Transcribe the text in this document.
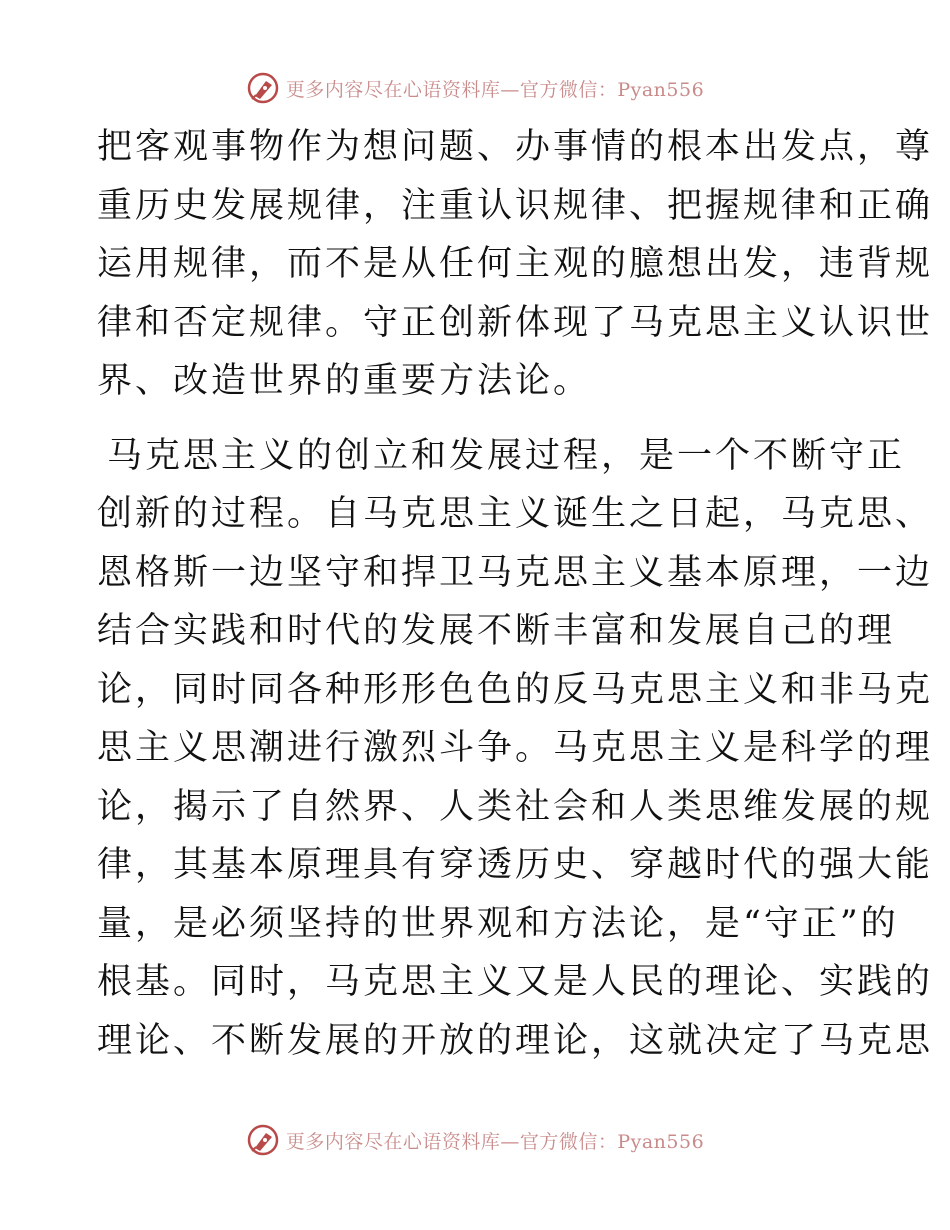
更多内容尽在心语资料库—官方微信：Pyan556

把客观事物作为想问题、办事情的根本出发点，尊
重历史发展规律，注重认识规律、把握规律和正确
运用规律，而不是从任何主观的臆想出发，违背规
律和否定规律。守正创新体现了马克思主义认识世
界、改造世界的重要方法论。

马克思主义的创立和发展过程，是一个不断守正
创新的过程。自马克思主义诞生之日起，马克思、
恩格斯一边坚守和捍卫马克思主义基本原理，一边
结合实践和时代的发展不断丰富和发展自己的理
论，同时同各种形形色色的反马克思主义和非马克
思主义思潮进行激烈斗争。马克思主义是科学的理
论，揭示了自然界、人类社会和人类思维发展的规
律，其基本原理具有穿透历史、穿越时代的强大能
量，是必须坚持的世界观和方法论，是“守正”的
根基。同时，马克思主义又是人民的理论、实践的
理论、不断发展的开放的理论，这就决定了马克思

更多内容尽在心语资料库—官方微信：Pyan556
